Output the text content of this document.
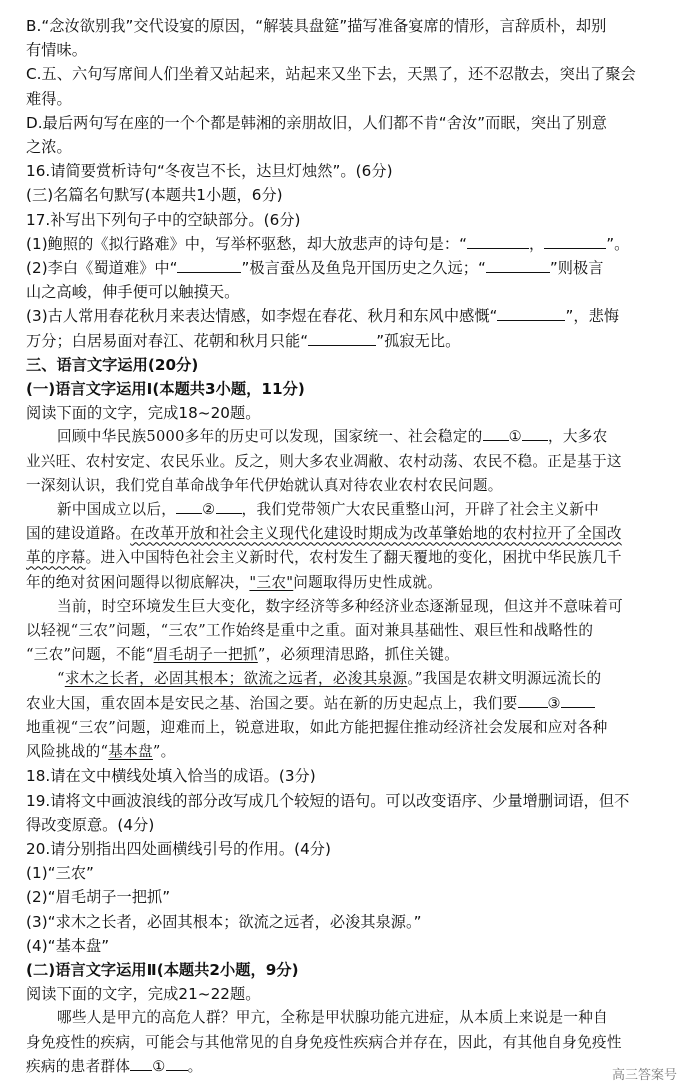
B.“念汝欲别我”交代设宴的原因，“解装具盘筵”描写准备宴席的情形，言辞质朴，却别
有情味。
C.五、六句写席间人们坐着又站起来，站起来又坐下去，天黑了，还不忍散去，突出了聚会
难得。
D.最后两句写在座的一个个都是韩湘的亲朋故旧，人们都不肯“舍汝”而眠，突出了别意
之浓。
16.请简要赏析诗句“冬夜岂不长，达旦灯烛然”。(6分)
(三)名篇名句默写(本题共1小题，6分)
17.补写出下列句子中的空缺部分。(6分)
(1)鲍照的《拟行路难》中，写举杯驱愁，却大放悲声的诗句是：“	，	”。
(2)李白《蜀道难》中“	”极言蚕丛及鱼凫开国历史之久远；“	”则极言
山之高峻，伸手便可以触摸天。
(3)古人常用春花秋月来表达情感，如李煜在春花、秋月和东风中感慨“	”，悲悔
万分；白居易面对春江、花朝和秋月只能“	”孤寂无比。
三、语言文字运用(20分)
(一)语言文字运用Ⅰ(本题共3小题，11分)
阅读下面的文字，完成18~20题。
回顾中华民族5000多年的历史可以发现，国家统一、社会稳定的 ① ，大多农
业兴旺、农村安定、农民乐业。反之，则大多农业凋敝、农村动荡、农民不稳。正是基于这
一深刻认识，我们党自革命战争年代伊始就认真对待农业农村农民问题。
新中国成立以后， ② ，我们党带领广大农民重整山河，开辟了社会主义新中
国的建设道路。在改革开放和社会主义现代化建设时期成为改革肇始地的农村拉开了全国改
革的序幕。进入中国特色社会主义新时代，农村发生了翻天覆地的变化，困扰中华民族几千
年的绝对贫困问题得以彻底解决，"三农"问题取得历史性成就。
当前，时空环境发生巨大变化，数字经济等多种经济业态逐渐显现，但这并不意味着可
以轻视“三农”问题，“三农”工作始终是重中之重。面对兼具基础性、艰巨性和战略性的
“三农”问题，不能“眉毛胡子一把抓”，必须理清思路，抓住关键。
“求木之长者，必固其根本；欲流之远者，必浚其泉源。”我国是农耕文明源远流长的
农业大国，重农固本是安民之基、治国之要。站在新的历史起点上，我们要 ③
地重视“三农”问题，迎难而上，锐意进取，如此方能把握住推动经济社会发展和应对各种
风险挑战的“基本盘”。
18.请在文中横线处填入恰当的成语。(3分)
19.请将文中画波浪线的部分改写成几个较短的语句。可以改变语序、少量增删词语，但不
得改变原意。(4分)
20.请分别指出四处画横线引号的作用。(4分)
(1)“三农”
(2)“眉毛胡子一把抓”
(3)“求木之长者，必固其根本；欲流之远者，必浚其泉源。”
(4)“基本盘”
(二)语言文字运用Ⅱ(本题共2小题，9分)
阅读下面的文字，完成21~22题。
哪些人是甲亢的高危人群？甲亢，全称是甲状腺功能亢进症，从本质上来说是一种自
身免疫性的疾病，可能会与其他常见的自身免疫性疾病合并存在，因此，有其他自身免疫性
疾病的患者群体 ① 。
高三答案号
